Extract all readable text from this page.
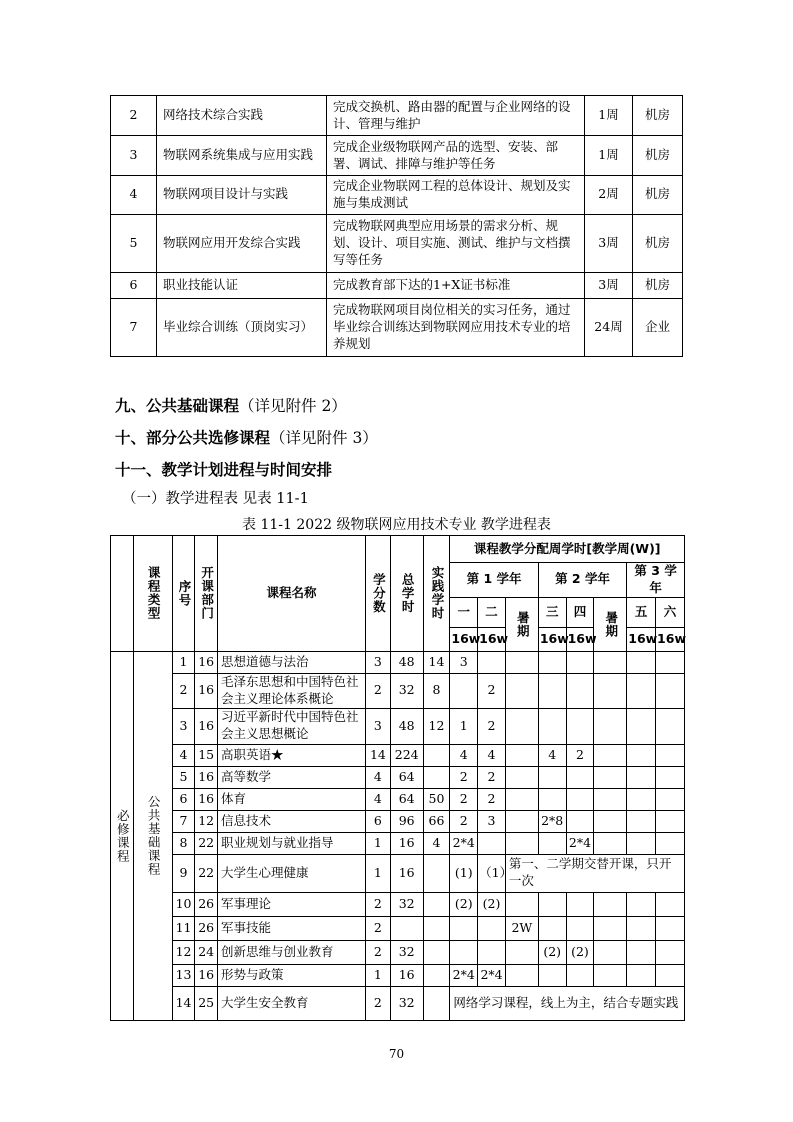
2	网络技术综合实践	完成交换机、路由器的配置与企业网络的设计、管理与维护	1周	机房
3	物联网系统集成与应用实践	完成企业级物联网产品的选型、安装、部署、调试、排障与维护等任务	1周	机房
4	物联网项目设计与实践	完成企业物联网工程的总体设计、规划及实施与集成测试	2周	机房
5	物联网应用开发综合实践	完成物联网典型应用场景的需求分析、规划、设计、项目实施、测试、维护与文档撰写等任务	3周	机房
6	职业技能认证	完成教育部下达的1+X证书标准	3周	机房
7	毕业综合训练（顶岗实习）	完成物联网项目岗位相关的实习任务，通过毕业综合训练达到物联网应用技术专业的培养规划	24周	企业
九、公共基础课程（详见附件 2）
十、部分公共选修课程（详见附件 3）
十一、教学计划进程与时间安排
（一）教学进程表 见表 11-1
表 11-1 2022 级物联网应用技术专业 教学进程表
	课程类型	序号	开课部门	课程名称	学分数	总学时	实践学时	课程教学分配周学时[教学周(W)]							
								第 1 学年			第 2 学年			第 3 学年	
								一	二	暑期	三	四	暑期	五	六
								16w	16w		16w	16w		16w	16w
必修课程	公共基础课程	1	16	思想道德与法治	3	48	14	3							
		2	16	毛泽东思想和中国特色社会主义理论体系概论	2	32	8		2						
		3	16	习近平新时代中国特色社会主义思想概论	3	48	12	1	2						
		4	15	高职英语★	14	224		4	4		4	2			
		5	16	高等数学	4	64		2	2						
		6	16	体育	4	64	50	2	2						
		7	12	信息技术	6	96	66	2	3		2*8				
		8	22	职业规划与就业指导	1	16	4	2*4				2*4			
		9	22	大学生心理健康	1	16		(1)	（1）	第一、二学期交替开课，只开一次					
		10	26	军事理论	2	32		(2)	(2)						
		11	26	军事技能	2					2W					
		12	24	创新思维与创业教育	2	32					(2)	(2)			
		13	16	形势与政策	1	16		2*4	2*4						
		14	25	大学生安全教育	2	32		网络学习课程，线上为主，结合专题实践							
70
